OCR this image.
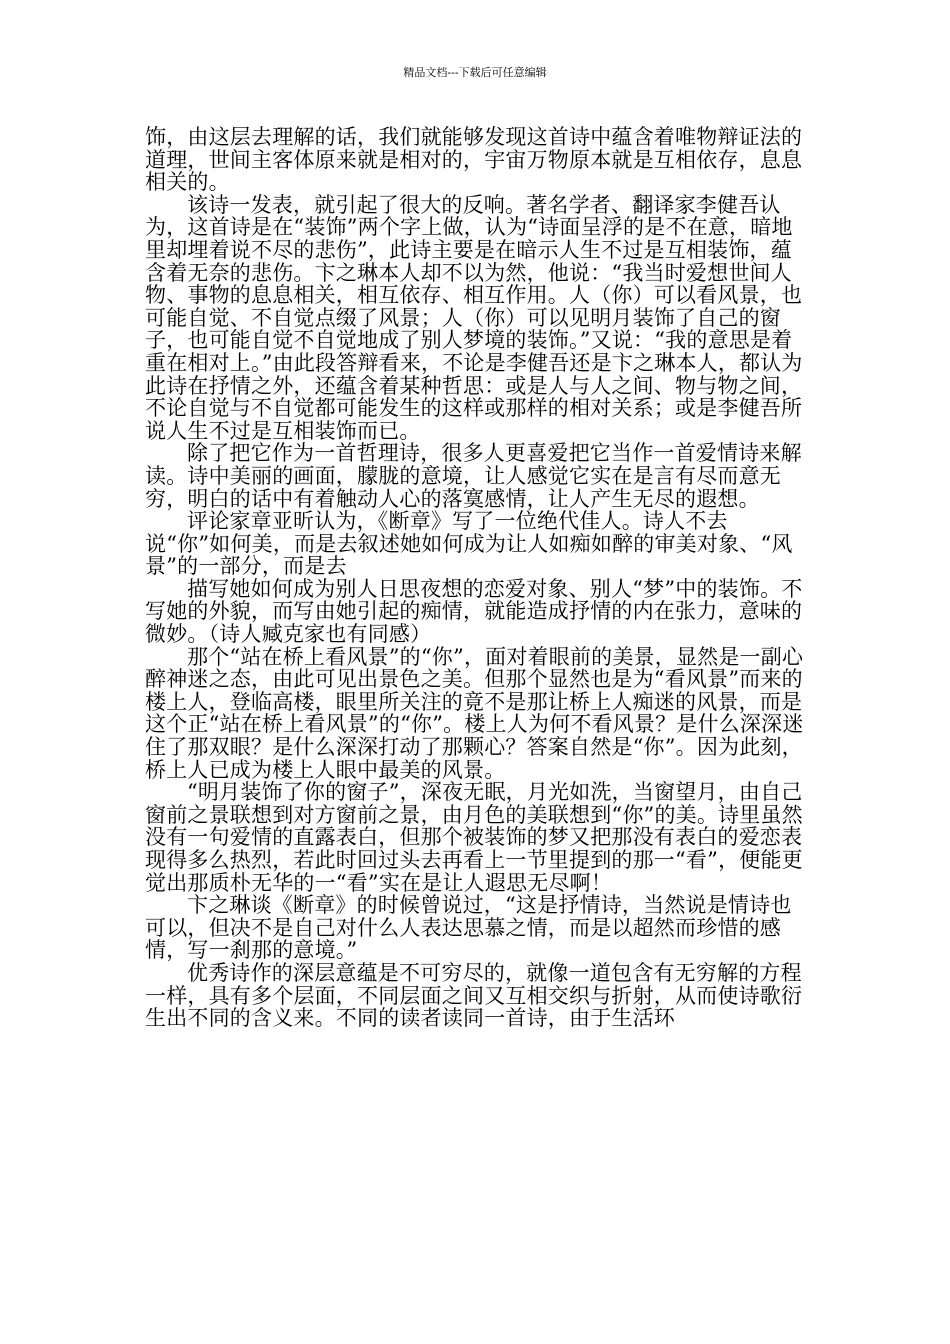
精品文档---下载后可任意编辑

饰，由这层去理解的话，我们就能够发现这首诗中蕴含着唯物辩证法的道理，世间主客体原来就是相对的，宇宙万物原本就是互相依存，息息相关的。

该诗一发表，就引起了很大的反响。著名学者、翻译家李健吾认为，这首诗是在“装饰”两个字上做，认为“诗面呈浮的是不在意，暗地里却埋着说不尽的悲伤”，此诗主要是在暗示人生不过是互相装饰，蕴含着无奈的悲伤。卞之琳本人却不以为然，他说：“我当时爱想世间人物、事物的息息相关，相互依存、相互作用。人（你）可以看风景，也可能自觉、不自觉点缀了风景；人（你）可以见明月装饰了自己的窗子，也可能自觉不自觉地成了别人梦境的装饰。”又说：“我的意思是着重在相对上。”由此段答辩看来，不论是李健吾还是卞之琳本人，都认为此诗在抒情之外，还蕴含着某种哲思：或是人与人之间、物与物之间，不论自觉与不自觉都可能发生的这样或那样的相对关系；或是李健吾所说人生不过是互相装饰而已。

除了把它作为一首哲理诗，很多人更喜爱把它当作一首爱情诗来解读。诗中美丽的画面，朦胧的意境，让人感觉它实在是言有尽而意无穷，明白的话中有着触动人心的落寞感情，让人产生无尽的遐想。

评论家章亚昕认为，《断章》写了一位绝代佳人。诗人不去说“你”如何美，而是去叙述她如何成为让人如痴如醉的审美对象、“风景”的一部分，而是去

描写她如何成为别人日思夜想的恋爱对象、别人“梦”中的装饰。不写她的外貌，而写由她引起的痴情，就能造成抒情的内在张力，意味的微妙。（诗人臧克家也有同感）

那个“站在桥上看风景”的“你”，面对着眼前的美景，显然是一副心醉神迷之态，由此可见出景色之美。但那个显然也是为“看风景”而来的楼上人，登临高楼，眼里所关注的竟不是那让桥上人痴迷的风景，而是这个正“站在桥上看风景”的“你”。楼上人为何不看风景？是什么深深迷住了那双眼？是什么深深打动了那颗心？答案自然是“你”。因为此刻，桥上人已成为楼上人眼中最美的风景。

“明月装饰了你的窗子”，深夜无眠，月光如洗，当窗望月，由自己窗前之景联想到对方窗前之景，由月色的美联想到“你”的美。诗里虽然没有一句爱情的直露表白，但那个被装饰的梦又把那没有表白的爱恋表现得多么热烈，若此时回过头去再看上一节里提到的那一“看”，便能更觉出那质朴无华的一“看”实在是让人遐思无尽啊！

卞之琳谈《断章》的时候曾说过，“这是抒情诗，当然说是情诗也可以，但决不是自己对什么人表达思慕之情，而是以超然而珍惜的感情，写一刹那的意境。”

优秀诗作的深层意蕴是不可穷尽的，就像一道包含有无穷解的方程一样，具有多个层面，不同层面之间又互相交织与折射，从而使诗歌衍生出不同的含义来。不同的读者读同一首诗，由于生活环
